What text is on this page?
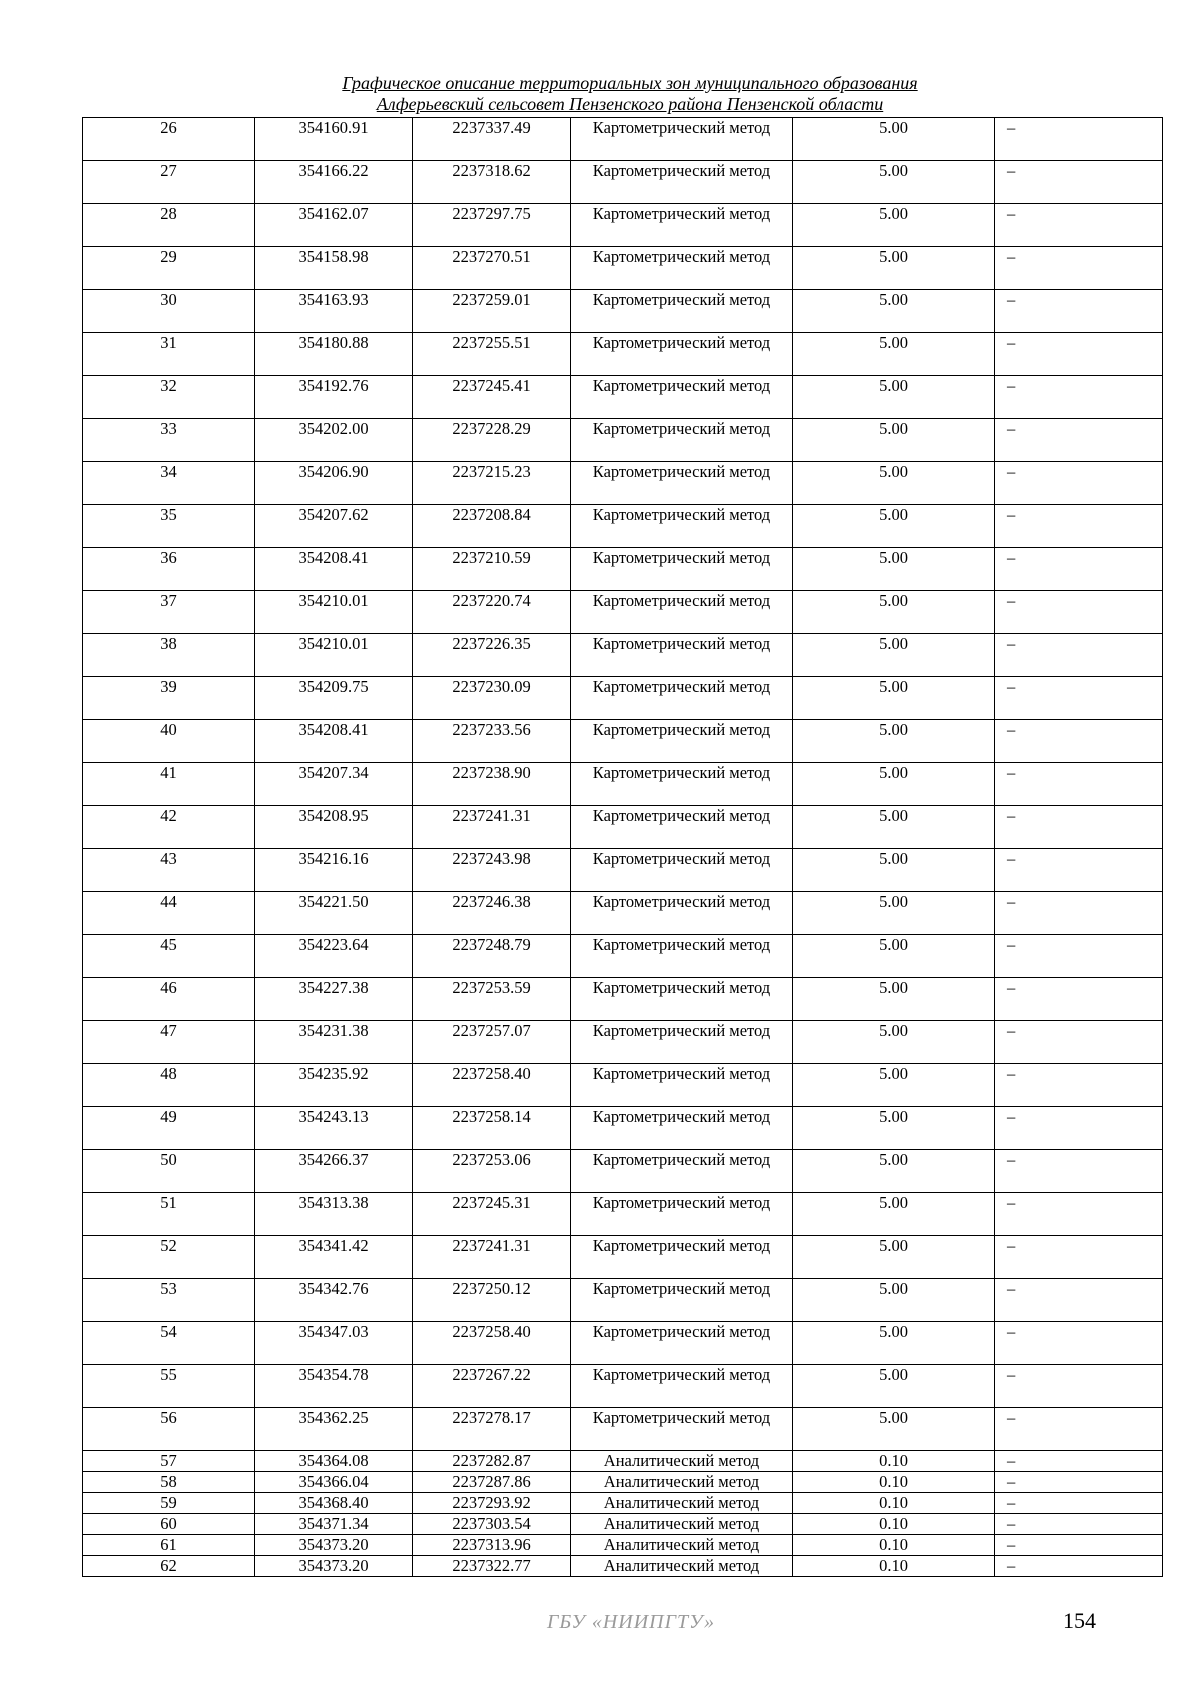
Графическое описание территориальных зон муниципального образования
Алферьевский сельсовет Пензенского района Пензенской области
26	354160.91	2237337.49	Картометрический метод	5.00	–
27	354166.22	2237318.62	Картометрический метод	5.00	–
28	354162.07	2237297.75	Картометрический метод	5.00	–
29	354158.98	2237270.51	Картометрический метод	5.00	–
30	354163.93	2237259.01	Картометрический метод	5.00	–
31	354180.88	2237255.51	Картометрический метод	5.00	–
32	354192.76	2237245.41	Картометрический метод	5.00	–
33	354202.00	2237228.29	Картометрический метод	5.00	–
34	354206.90	2237215.23	Картометрический метод	5.00	–
35	354207.62	2237208.84	Картометрический метод	5.00	–
36	354208.41	2237210.59	Картометрический метод	5.00	–
37	354210.01	2237220.74	Картометрический метод	5.00	–
38	354210.01	2237226.35	Картометрический метод	5.00	–
39	354209.75	2237230.09	Картометрический метод	5.00	–
40	354208.41	2237233.56	Картометрический метод	5.00	–
41	354207.34	2237238.90	Картометрический метод	5.00	–
42	354208.95	2237241.31	Картометрический метод	5.00	–
43	354216.16	2237243.98	Картометрический метод	5.00	–
44	354221.50	2237246.38	Картометрический метод	5.00	–
45	354223.64	2237248.79	Картометрический метод	5.00	–
46	354227.38	2237253.59	Картометрический метод	5.00	–
47	354231.38	2237257.07	Картометрический метод	5.00	–
48	354235.92	2237258.40	Картометрический метод	5.00	–
49	354243.13	2237258.14	Картометрический метод	5.00	–
50	354266.37	2237253.06	Картометрический метод	5.00	–
51	354313.38	2237245.31	Картометрический метод	5.00	–
52	354341.42	2237241.31	Картометрический метод	5.00	–
53	354342.76	2237250.12	Картометрический метод	5.00	–
54	354347.03	2237258.40	Картометрический метод	5.00	–
55	354354.78	2237267.22	Картометрический метод	5.00	–
56	354362.25	2237278.17	Картометрический метод	5.00	–
57	354364.08	2237282.87	Аналитический метод	0.10	–
58	354366.04	2237287.86	Аналитический метод	0.10	–
59	354368.40	2237293.92	Аналитический метод	0.10	–
60	354371.34	2237303.54	Аналитический метод	0.10	–
61	354373.20	2237313.96	Аналитический метод	0.10	–
62	354373.20	2237322.77	Аналитический метод	0.10	–
ГБУ «НИИПГТУ»	154
